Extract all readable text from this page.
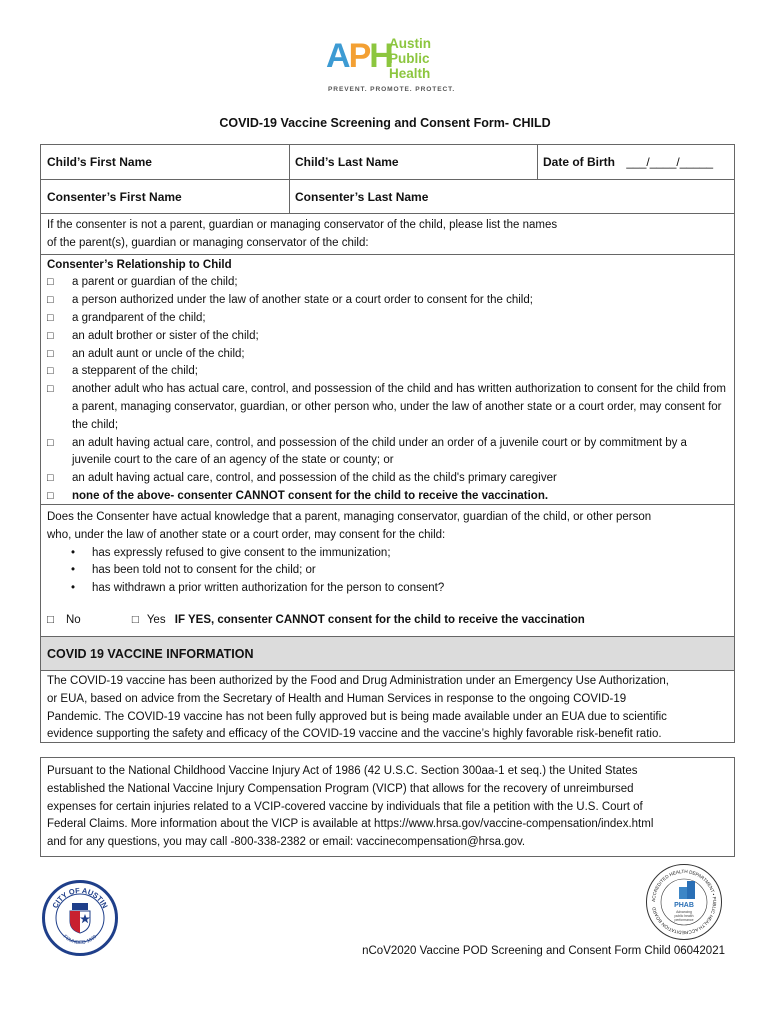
APH
Austin
Public
Health
PREVENT. PROMOTE. PROTECT.
COVID-19 Vaccine Screening and Consent Form- CHILD
Child’s First Name	Child’s Last Name	Date of Birth ___/____/_____
Consenter’s First Name	Consenter’s Last Name
If the consenter is not a parent, guardian or managing conservator of the child, please list the names
of the parent(s), guardian or managing conservator of the child:
Consenter’s Relationship to Child
□ a parent or guardian of the child;
□ a person authorized under the law of another state or a court order to consent for the child;
□ a grandparent of the child;
□ an adult brother or sister of the child;
□ an adult aunt or uncle of the child;
□ a stepparent of the child;
□ another adult who has actual care, control, and possession of the child and has written authorization to consent for the child from a parent, managing conservator, guardian, or other person who, under the law of another state or a court order, may consent for the child;
□ an adult having actual care, control, and possession of the child under an order of a juvenile court or by commitment by a juvenile court to the care of an agency of the state or county; or
□ an adult having actual care, control, and possession of the child as the child's primary caregiver
□ none of the above- consenter CANNOT consent for the child to receive the vaccination.
Does the Consenter have actual knowledge that a parent, managing conservator, guardian of the child, or other person
who, under the law of another state or a court order, may consent for the child:
• has expressly refused to give consent to the immunization;
• has been told not to consent for the child; or
• has withdrawn a prior written authorization for the person to consent?
□ No	□ Yes IF YES, consenter CANNOT consent for the child to receive the vaccination
COVID 19 VACCINE INFORMATION
The COVID-19 vaccine has been authorized by the Food and Drug Administration under an Emergency Use Authorization,
or EUA, based on advice from the Secretary of Health and Human Services in response to the ongoing COVID-19
Pandemic. The COVID-19 vaccine has not been fully approved but is being made available under an EUA due to scientific
evidence supporting the safety and efficacy of the COVID-19 vaccine and the vaccine’s highly favorable risk-benefit ratio.
Pursuant to the National Childhood Vaccine Injury Act of 1986 (42 U.S.C. Section 300aa-1 et seq.) the United States
established the National Vaccine Injury Compensation Program (VICP) that allows for the recovery of unreimbursed
expenses for certain injuries related to a VCIP-covered vaccine by individuals that file a petition with the U.S. Court of
Federal Claims. More information about the VICP is available at https://www.hrsa.gov/vaccine-compensation/index.html
and for any questions, you may call -800-338-2382 or email: vaccinecompensation@hrsa.gov.
CITY OF AUSTIN
FOUNDED 1839
ACCREDITED HEALTH DEPARTMENT • PUBLIC HEALTH ACCREDITATION BOARD	PHAB
Advancing
public health
performance
nCoV2020 Vaccine POD Screening and Consent Form Child 06042021
